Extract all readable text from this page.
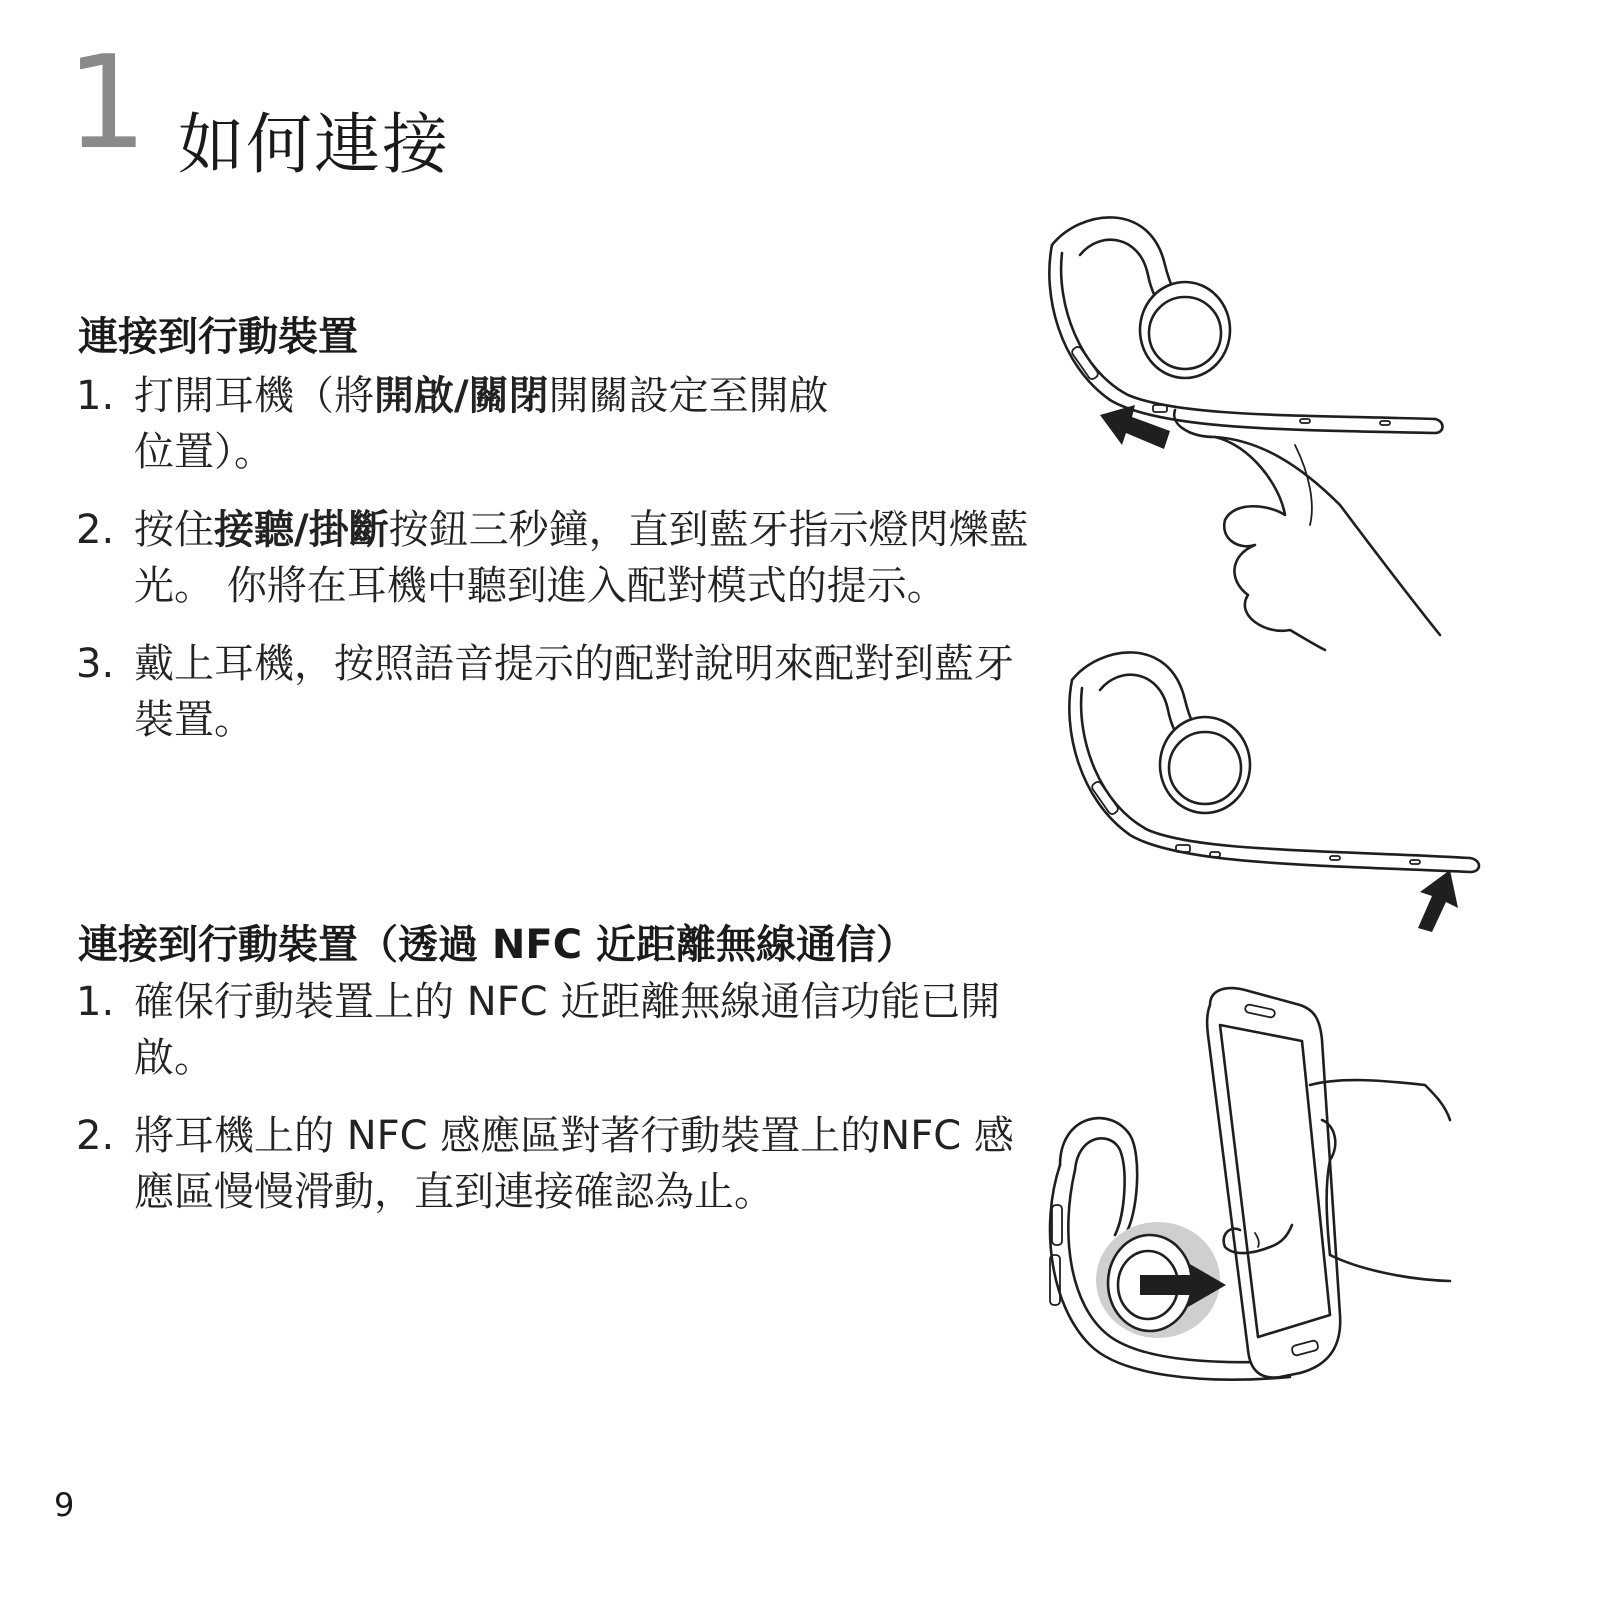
1 如何連接
連接到行動裝置
1. 打開耳機（將開啟/關閉開關設定至開啟位置）。
2. 按住接聽/掛斷按鈕三秒鐘，直到藍牙指示燈閃爍藍光。 你將在耳機中聽到進入配對模式的提示。
3. 戴上耳機，按照語音提示的配對說明來配對到藍牙裝置。
連接到行動裝置（透過 NFC 近距離無線通信）
1. 確保行動裝置上的 NFC 近距離無線通信功能已開啟。
2. 將耳機上的 NFC 感應區對著行動裝置上的NFC 感應區慢慢滑動，直到連接確認為止。
9
